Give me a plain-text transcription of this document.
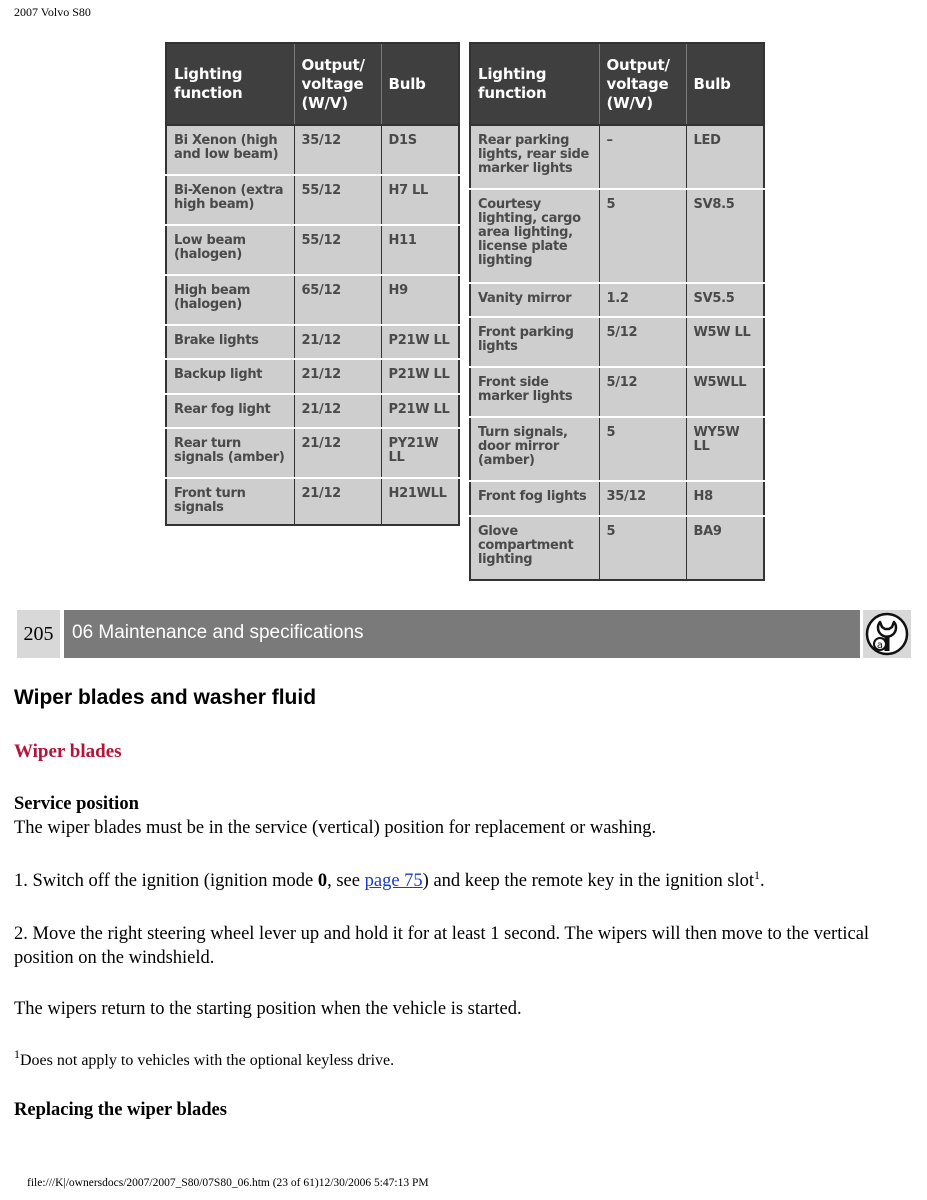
2007 Volvo S80
Lighting function	Output/ voltage (W/V)	Bulb
Bi Xenon (high and low beam)	35/12	D1S
Bi-Xenon (extra high beam)	55/12	H7 LL
Low beam (halogen)	55/12	H11
High beam (halogen)	65/12	H9
Brake lights	21/12	P21W LL
Backup light	21/12	P21W LL
Rear fog light	21/12	P21W LL
Rear turn signals (amber)	21/12	PY21W LL
Front turn signals	21/12	H21WLL
Lighting function	Output/ voltage (W/V)	Bulb
Rear parking lights, rear side marker lights	–	LED
Courtesy lighting, cargo area lighting, license plate lighting	5	SV8.5
Vanity mirror	1.2	SV5.5
Front parking lights	5/12	W5W LL
Front side marker lights	5/12	W5WLL
Turn signals, door mirror (amber)	5	WY5W LL
Front fog lights	35/12	H8
Glove compartment lighting	5	BA9
205 06 Maintenance and specifications
a
Wiper blades and washer fluid
Wiper blades

Service position

The wiper blades must be in the service (vertical) position for replacement or washing.

1. Switch off the ignition (ignition mode 0, see page 75) and keep the remote key in the ignition slot$^1$.

2. Move the right steering wheel lever up and hold it for at least 1 second. The wipers will then move to the vertical position on the windshield.

The wipers return to the starting position when the vehicle is started.

$^1$Does not apply to vehicles with the optional keyless drive.

Replacing the wiper blades

file:///K|/ownersdocs/2007/2007_S80/07S80_06.htm (23 of 61)12/30/2006 5:47:13 PM
